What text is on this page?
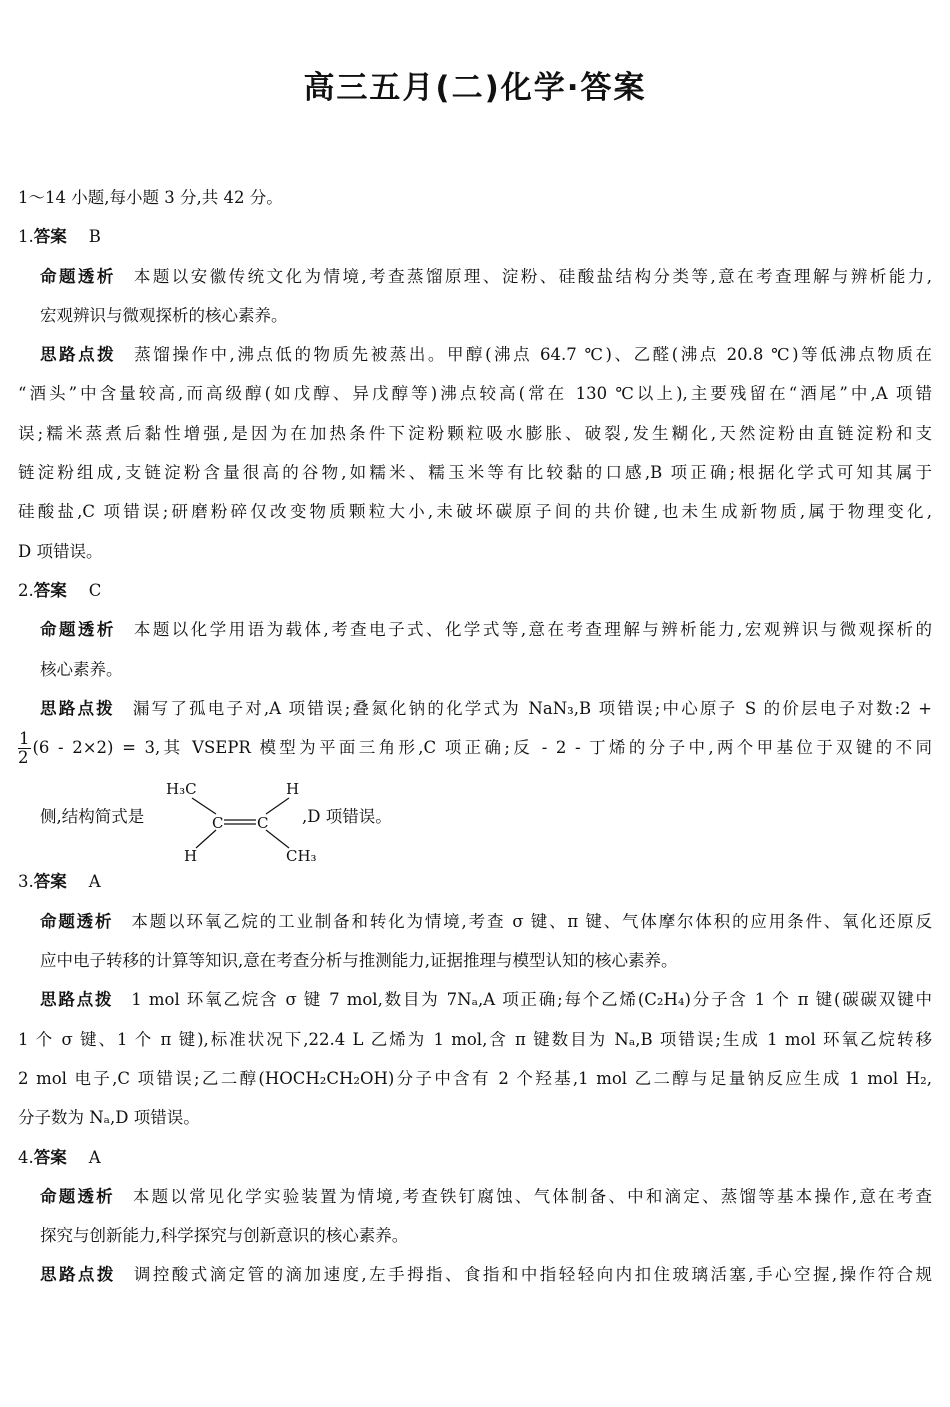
高三五月(二)化学·答案
1～14 小题,每小题 3 分,共 42 分。
1.答案 B
命题透析 本题以安徽传统文化为情境,考查蒸馏原理、淀粉、硅酸盐结构分类等,意在考查理解与辨析能力,
宏观辨识与微观探析的核心素养。
思路点拨 蒸馏操作中,沸点低的物质先被蒸出。甲醇(沸点 64.7 ℃)、乙醛(沸点 20.8 ℃)等低沸点物质在
“酒头”中含量较高,而高级醇(如戊醇、异戊醇等)沸点较高(常在 130 ℃以上),主要残留在“酒尾”中,A 项错
误;糯米蒸煮后黏性增强,是因为在加热条件下淀粉颗粒吸水膨胀、破裂,发生糊化,天然淀粉由直链淀粉和支
链淀粉组成,支链淀粉含量很高的谷物,如糯米、糯玉米等有比较黏的口感,B 项正确;根据化学式可知其属于
硅酸盐,C 项错误;研磨粉碎仅改变物质颗粒大小,未破坏碳原子间的共价键,也未生成新物质,属于物理变化,
D 项错误。
2.答案 C
命题透析 本题以化学用语为载体,考查电子式、化学式等,意在考查理解与辨析能力,宏观辨识与微观探析的
核心素养。
思路点拨 漏写了孤电子对,A 项错误;叠氮化钠的化学式为 NaN₃,B 项错误;中心原子 S 的价层电子对数:2 +
$\frac{1}{2} (6 - 2\times 2) = 3$,其 VSEPR 模型为平面三角形,C 项正确;反 - 2 - 丁烯的分子中,两个甲基位于双键的不同
侧,结构简式是
H₃C	H
C C
H	CH₃
,D 项错误。
3.答案 A
命题透析 本题以环氧乙烷的工业制备和转化为情境,考查 σ 键、π 键、气体摩尔体积的应用条件、氧化还原反
应中电子转移的计算等知识,意在考查分析与推测能力,证据推理与模型认知的核心素养。
思路点拨 1 mol 环氧乙烷含 σ 键 7 mol,数目为 7Nₐ,A 项正确;每个乙烯(C₂H₄)分子含 1 个 π 键(碳碳双键中
1 个 σ 键、1 个 π 键),标准状况下,22.4 L 乙烯为 1 mol,含 π 键数目为 Nₐ,B 项错误;生成 1 mol 环氧乙烷转移
2 mol 电子,C 项错误;乙二醇(HOCH₂CH₂OH)分子中含有 2 个羟基,1 mol 乙二醇与足量钠反应生成 1 mol H₂,
分子数为 Nₐ,D 项错误。
4.答案 A
命题透析 本题以常见化学实验装置为情境,考查铁钉腐蚀、气体制备、中和滴定、蒸馏等基本操作,意在考查
探究与创新能力,科学探究与创新意识的核心素养。
思路点拨 调控酸式滴定管的滴加速度,左手拇指、食指和中指轻轻向内扣住玻璃活塞,手心空握,操作符合规
